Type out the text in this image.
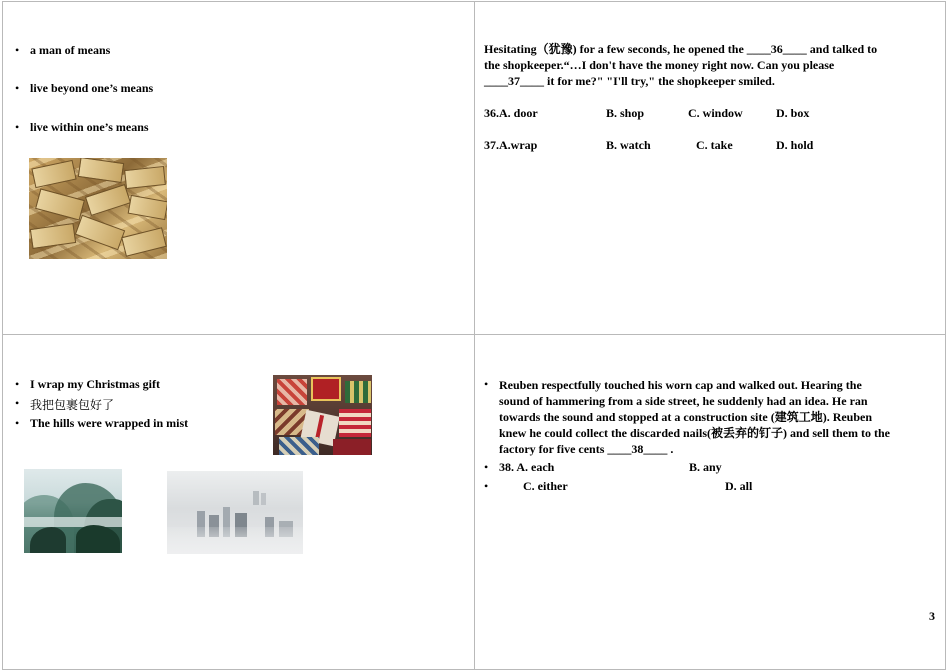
• a man of means
• live beyond one’s means
• live within one’s means
Hesitating（犹豫) for a few seconds, he opened the ____36____ and talked to
the shopkeeper.“…I don't have the money right now. Can you please
____37____ it for me?" "I'll try," the shopkeeper smiled.
36.A. door	B. shop	C. window	D. box
37.A.wrap	B. watch	C. take	D. hold
• I wrap my Christmas gift
• 我把包裹包好了
• The hills were wrapped in mist
• Reuben respectfully touched his worn cap and walked out. Hearing the
sound of hammering from a side street, he suddenly had an idea. He ran
towards the sound and stopped at a construction site (建筑工地). Reuben
knew he could collect the discarded nails(被丢弃的钉子) and sell them to the
factory for five cents ____38____ .
• 38. A. each	B. any
•	C. either	D. all
3
